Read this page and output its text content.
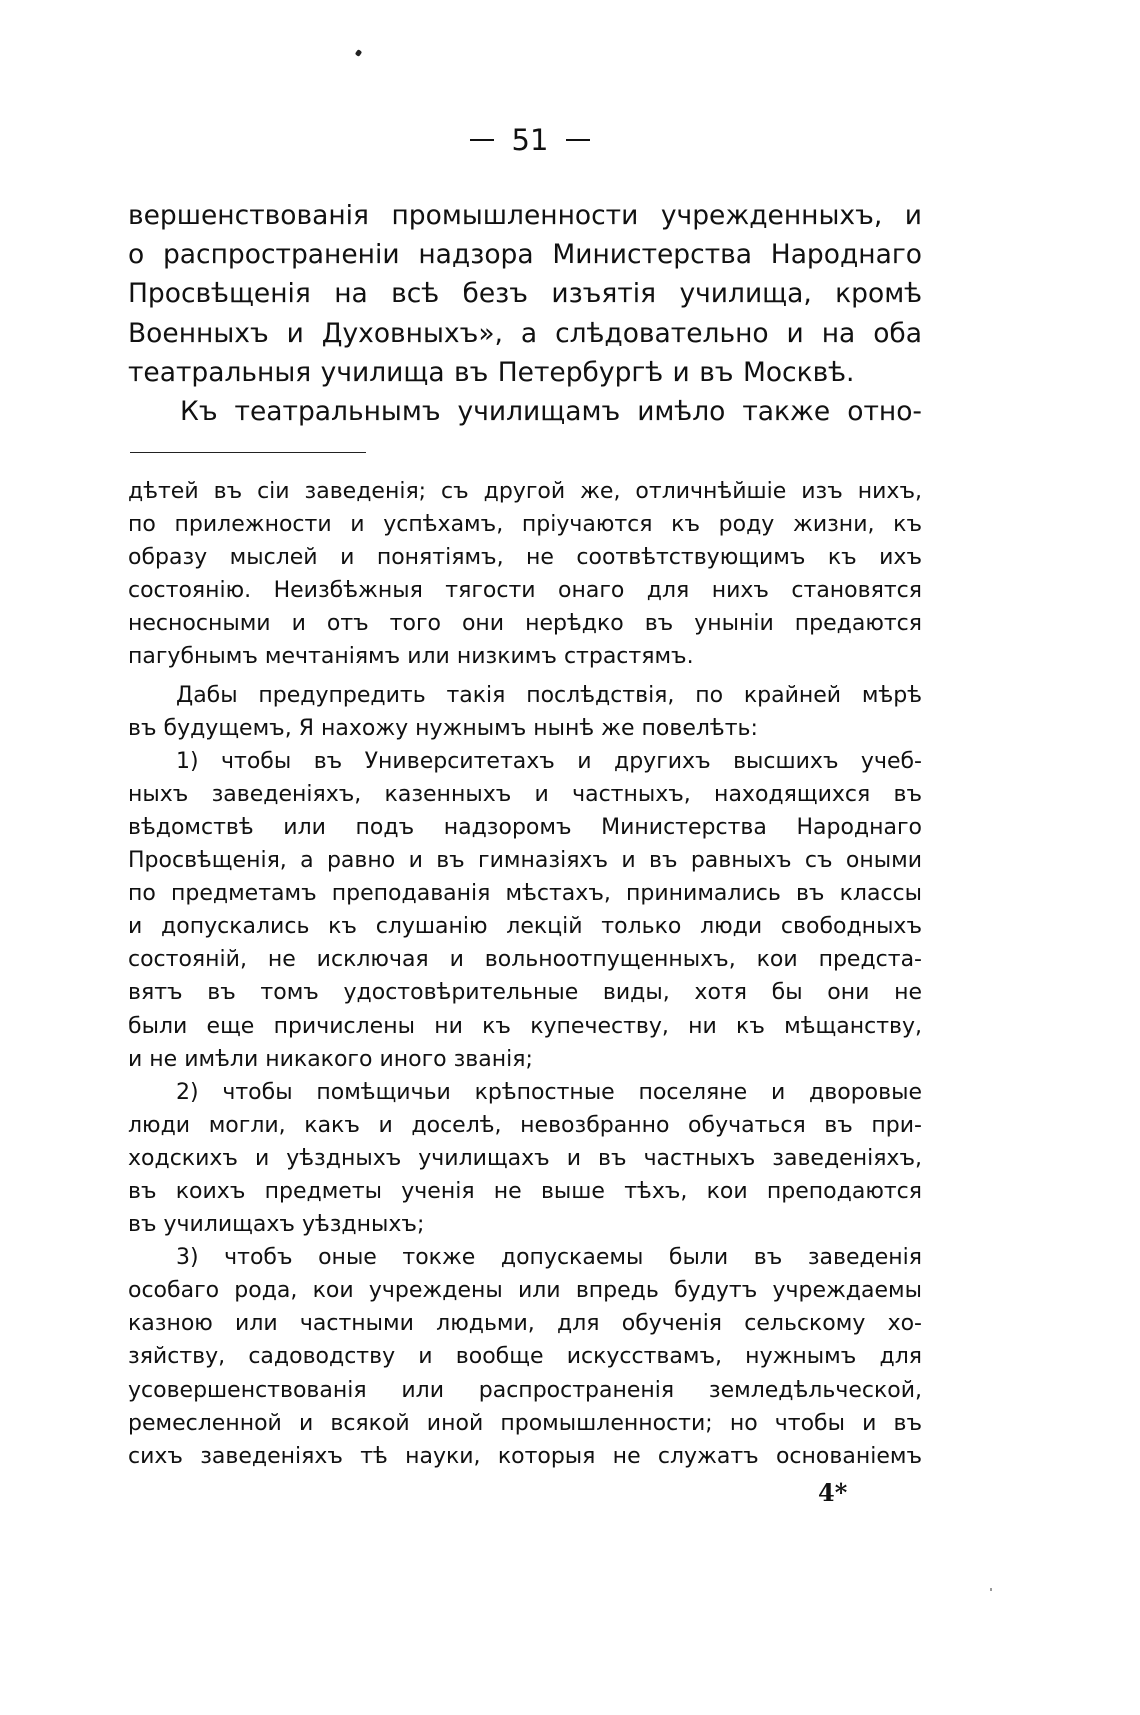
51
вершенствованія промышленности учрежденныхъ, и
о распространеніи надзора Министерства Народнаго
Просвѣщенія на всѣ безъ изъятія училища, кромѣ
Военныхъ и Духовныхъ», а слѣдовательно и на оба
театральныя училища въ Петербургѣ и въ Москвѣ.
Къ театральнымъ училищамъ имѣло также отно-
дѣтей въ сіи заведенія; съ другой же, отличнѣйшіе изъ нихъ,
по прилежности и успѣхамъ, пріучаются къ роду жизни, къ
образу мыслей и понятіямъ, не соотвѣтствующимъ къ ихъ
состоянію. Неизбѣжныя тягости онаго для нихъ становятся
несносными и отъ того они нерѣдко въ уныніи предаются
пагубнымъ мечтаніямъ или низкимъ страстямъ.
Дабы предупредить такія послѣдствія, по крайней мѣрѣ
въ будущемъ, Я нахожу нужнымъ нынѣ же повелѣть:
1) чтобы въ Университетахъ и другихъ высшихъ учеб-
ныхъ заведеніяхъ, казенныхъ и частныхъ, находящихся въ
вѣдомствѣ или подъ надзоромъ Министерства Народнаго
Просвѣщенія, а равно и въ гимназіяхъ и въ равныхъ съ оными
по предметамъ преподаванія мѣстахъ, принимались въ классы
и допускались къ слушанію лекцій только люди свободныхъ
состояній, не исключая и вольноотпущенныхъ, кои предста-
вятъ въ томъ удостовѣрительные виды, хотя бы они не
были еще причислены ни къ купечеству, ни къ мѣщанству,
и не имѣли никакого иного званія;
2) чтобы помѣщичьи крѣпостные поселяне и дворовые
люди могли, какъ и доселѣ, невозбранно обучаться въ при-
ходскихъ и уѣздныхъ училищахъ и въ частныхъ заведеніяхъ,
въ коихъ предметы ученія не выше тѣхъ, кои преподаются
въ училищахъ уѣздныхъ;
3) чтобъ оные токже допускаемы были въ заведенія
особаго рода, кои учреждены или впредь будутъ учреждаемы
казною или частными людьми, для обученія сельскому хо-
зяйству, садоводству и вообще искусствамъ, нужнымъ для
усовершенствованія или распространенія земледѣльческой,
ремесленной и всякой иной промышленности; но чтобы и въ
сихъ заведеніяхъ тѣ науки, которыя не служатъ основаніемъ
4*
